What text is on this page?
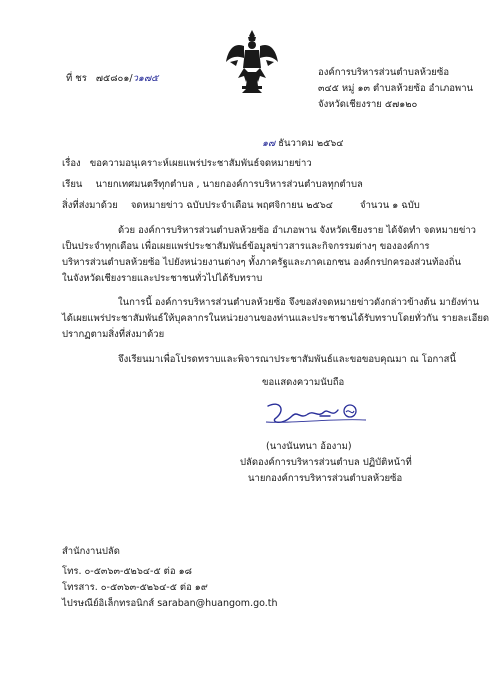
ที่ ชร ๗๕๘๐๑/ว๑๗๕
องค์การบริหารส่วนตำบลห้วยซ้อ
๓๔๕ หมู่ ๑๓ ตำบลห้วยซ้อ อำเภอพาน
จังหวัดเชียงราย ๕๗๑๒๐
๑๗ ธันวาคม ๒๕๖๔
เรื่อง ขอความอนุเคราะห์เผยแพร่ประชาสัมพันธ์จดหมายข่าว
เรียน นายกเทศมนตรีทุกตำบล , นายกองค์การบริหารส่วนตำบลทุกตำบล
สิ่งที่ส่งมาด้วย จดหมายข่าว ฉบับประจำเดือน พฤศจิกายน ๒๕๖๔	จำนวน ๑ ฉบับ
ด้วย องค์การบริหารส่วนตำบลห้วยซ้อ อำเภอพาน จังหวัดเชียงราย ได้จัดทำ จดหมายข่าว
เป็นประจำทุกเดือน เพื่อเผยแพร่ประชาสัมพันธ์ข้อมูลข่าวสารและกิจกรรมต่างๆ ขององค์การ
บริหารส่วนตำบลห้วยซ้อ ไปยังหน่วยงานต่างๆ ทั้งภาครัฐและภาคเอกชน องค์กรปกครองส่วนท้องถิ่น
ในจังหวัดเชียงรายและประชาชนทั่วไปได้รับทราบ
ในการนี้ องค์การบริหารส่วนตำบลห้วยซ้อ จึงขอส่งจดหมายข่าวดังกล่าวข้างต้น มายังท่าน
ได้เผยแพร่ประชาสัมพันธ์ให้บุคลากรในหน่วยงานของท่านและประชาชนได้รับทราบโดยทั่วกัน รายละเอียด
ปรากฏตามสิ่งที่ส่งมาด้วย
จึงเรียนมาเพื่อโปรดทราบและพิจารณาประชาสัมพันธ์และขอขอบคุณมา ณ โอกาสนี้
ขอแสดงความนับถือ
(นางนันทนา อ้องาม)
ปลัดองค์การบริหารส่วนตำบล ปฏิบัติหน้าที่
นายกองค์การบริหารส่วนตำบลห้วยซ้อ
สำนักงานปลัด
โทร. ๐-๕๓๖๓-๕๒๖๔-๕ ต่อ ๑๘
โทรสาร. ๐-๕๓๖๓-๕๒๖๔-๕ ต่อ ๑๙
ไปรษณีย์อิเล็กทรอนิกส์ saraban@huangom.go.th
